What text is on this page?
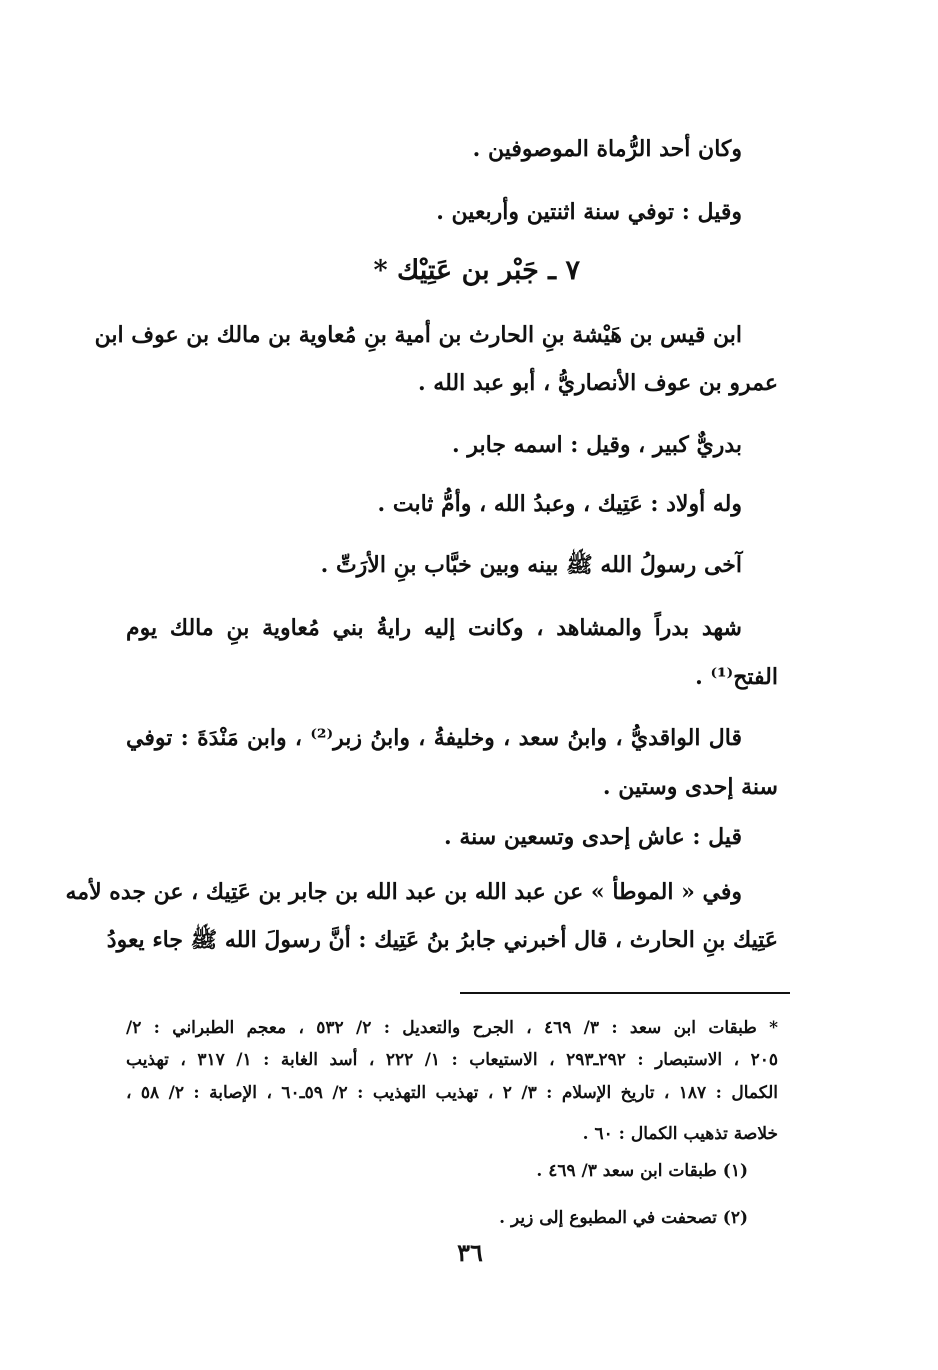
وكان أحد الرُّماة الموصوفين .
وقيل : توفي سنة اثنتين وأربعين .
٧ ـ جَبْر بن عَتِيْك *
ابن قيس بن هَيْشة بنِ الحارث بن أمية بنِ مُعاوية بن مالك بن عوف ابن
عمرو بن عوف الأنصاريُّ ، أبو عبد الله .
بدريٌّ كبير ، وقيل : اسمه جابر .
وله أولاد : عَتِيك ، وعبدُ الله ، وأمُّ ثابت .
آخى رسولُ الله ﷺ بينه وبين خبَّاب بنِ الأرَتِّ .
شهد بدراً والمشاهد ، وكانت إليه رايةُ بني مُعاوية بنِ مالك يوم
الفتح⁽¹⁾ .
قال الواقديُّ ، وابنُ سعد ، وخليفةُ ، وابنُ زبر⁽²⁾ ، وابن مَنْدَةَ : توفي
سنة إحدى وستين .
قيل : عاش إحدى وتسعين سنة .
وفي « الموطأ » عن عبد الله بن عبد الله بن جابر بن عَتِيك ، عن جده لأمه
عَتِيك بنِ الحارث ، قال أخبرني جابرُ بنُ عَتِيك : أنَّ رسولَ الله ﷺ جاء يعودُ
* طبقات ابن سعد : ٣/ ٤٦٩ ، الجرح والتعديل : ٢/ ٥٣٢ ، معجم الطبراني : ٢/
٢٠٥ ، الاستبصار : ٢٩٢ـ٢٩٣ ، الاستيعاب : ١/ ٢٢٢ ، أسد الغابة : ١/ ٣١٧ ، تهذيب
الكمال : ١٨٧ ، تاريخ الإسلام : ٣/ ٢ ، تهذيب التهذيب : ٢/ ٥٩ـ٦٠ ، الإصابة : ٢/ ٥٨ ،
خلاصة تذهيب الكمال : ٦٠ .
(١) طبقات ابن سعد ٣/ ٤٦٩ .
(٢) تصحفت في المطبوع إلى زير .
٣٦
